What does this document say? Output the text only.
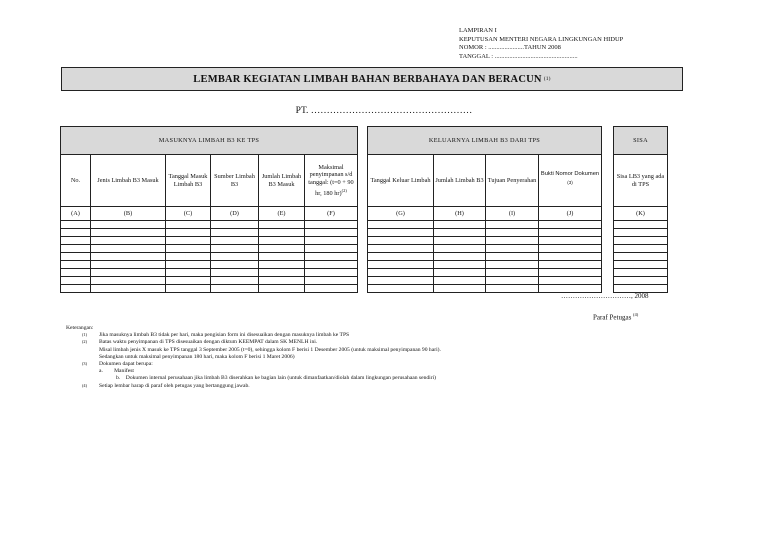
LAMPIRAN I
KEPUTUSAN MENTERI NEGARA LINGKUNGAN HIDUP
NOMOR : ......................TAHUN 2008
TANGGAL : ...................................................
LEMBAR KEGIATAN LIMBAH BAHAN BERBAHAYA DAN BERACUN (1)
PT. ……………………………………………
MASUKNYA LIMBAH B3 KE TPS							KELUARNYA LIMBAH B3 DARI TPS					SISA
No.	Jenis Limbah B3 Masuk	Tanggal Masuk Limbah B3	Sumber Limbah B3	Jumlah Limbah B3 Masuk	Maksimal penyimpanan s/d tanggal: (t=0 + 90 hr, 180 hr)$^{(2)}$		Tanggal Keluar Limbah	Jumlah Limbah B3	Tujuan Penyerahan	Bukti Nomor Dokumen $^{(3)}$		Sisa LB3 yang ada di TPS
(A)	(B)	(C)	(D)	(E)	(F)		(G)	(H)	(I)	(J)		(K)

…………………………, 2008
Paraf Petugas $^{(4)}$
Keterangan:
(1)	Jika masuknya limbah B3 tidak per hari, maka pengisian form ini disesuaikan dengan masuknya limbah ke TPS
(2)	Batas waktu penyimpanan di TPS disesuaikan dengan diktum KEEMPAT dalam SK MENLH ini.
Misal limbah jenis X masuk ke TPS tanggal 3 September 2005 (t=0), sehingga kolom F berisi 1 Desember 2005 (untuk maksimal penyimpanan 90 hari).
Sedangkan untuk maksimal penyimpanan 180 hari, maka kolom F berisi 1 Maret 2006)
(3)	Dokumen dapat berupa:
a. Manifest
b. Dokumen internal perusahaan jika limbah B3 diserahkan ke bagian lain (untuk dimanfaatkan/diolah dalam lingkungan perusahaan sendiri)
(4)	Setiap lembar harap di paraf oleh petugas yang bertanggung jawab.
